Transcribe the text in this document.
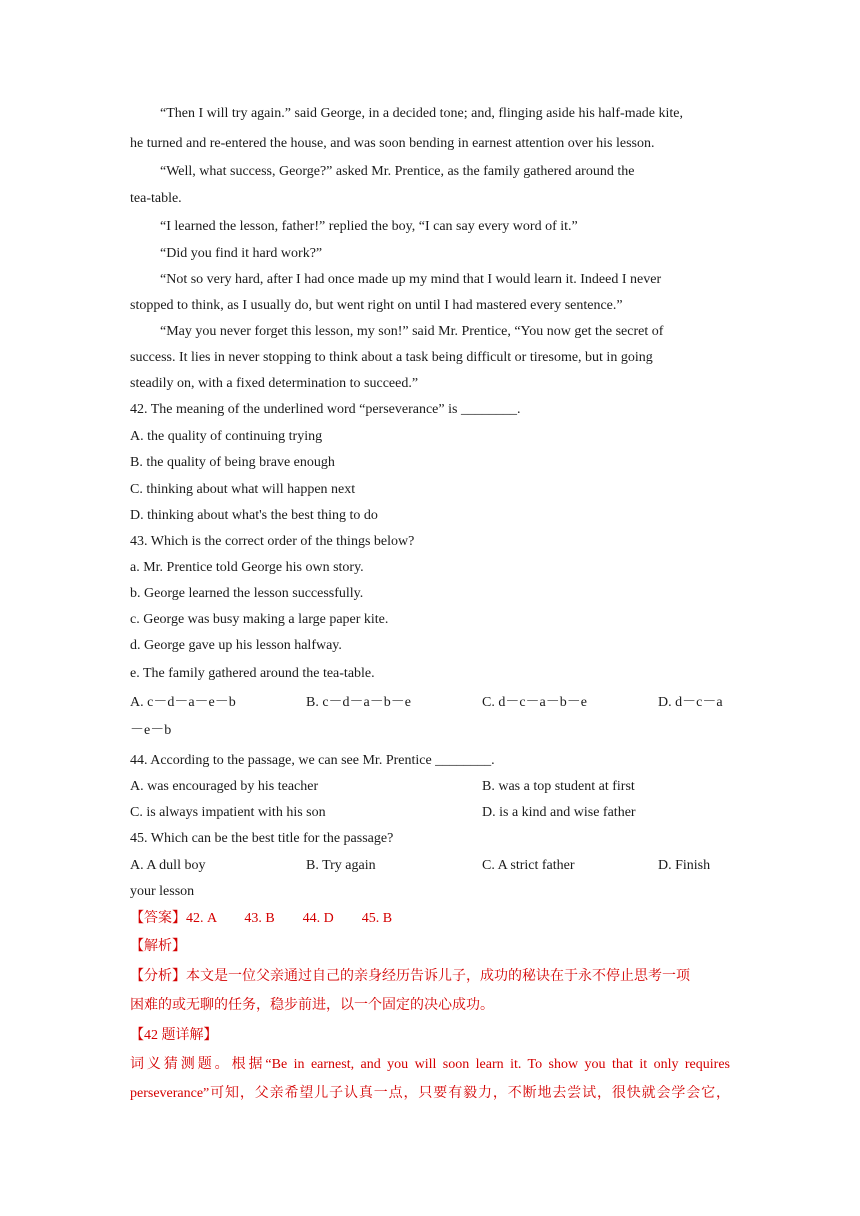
“Then I will try again.” said George, in a decided tone; and, flinging aside his half-made kite,
he turned and re-entered the house, and was soon bending in earnest attention over his lesson.
“Well, what success, George?” asked Mr. Prentice, as the family gathered around the
tea-table.
“I learned the lesson, father!” replied the boy, “I can say every word of it.”
“Did you find it hard work?”
“Not so very hard, after I had once made up my mind that I would learn it. Indeed I never
stopped to think, as I usually do, but went right on until I had mastered every sentence.”
“May you never forget this lesson, my son!” said Mr. Prentice, “You now get the secret of
success. It lies in never stopping to think about a task being difficult or tiresome, but in going
steadily on, with a fixed determination to succeed.”
42. The meaning of the underlined word “perseverance” is ________.
A. the quality of continuing trying
B. the quality of being brave enough
C. thinking about what will happen next
D. thinking about what's the best thing to do
43. Which is the correct order of the things below?
a. Mr. Prentice told George his own story.
b. George learned the lesson successfully.
c. George was busy making a large paper kite.
d. George gave up his lesson halfway.
e. The family gathered around the tea-table.
A. c－d－a－e－b	B. c－d－a－b－e	C. d－c－a－b－e	D. d－c－a
－e－b
44. According to the passage, we can see Mr. Prentice ________.
A. was encouraged by his teacher	B. was a top student at first
C. is always impatient with his son	D. is a kind and wise father
45. Which can be the best title for the passage?
A. A dull boy	B. Try again	C. A strict father	D. Finish
your lesson
【答案】42. A        43. B        44. D        45. B
【解析】
【分析】本文是一位父亲通过自己的亲身经历告诉儿子，成功的秘诀在于永不停止思考一项
困难的或无聊的任务，稳步前进，以一个固定的决心成功。
【42 题详解】
词义猜测题。根据“Be in earnest, and you will soon learn it. To show you that it only requires
perseverance”可知，父亲希望儿子认真一点，只要有毅力，不断地去尝试，很快就会学会它，
